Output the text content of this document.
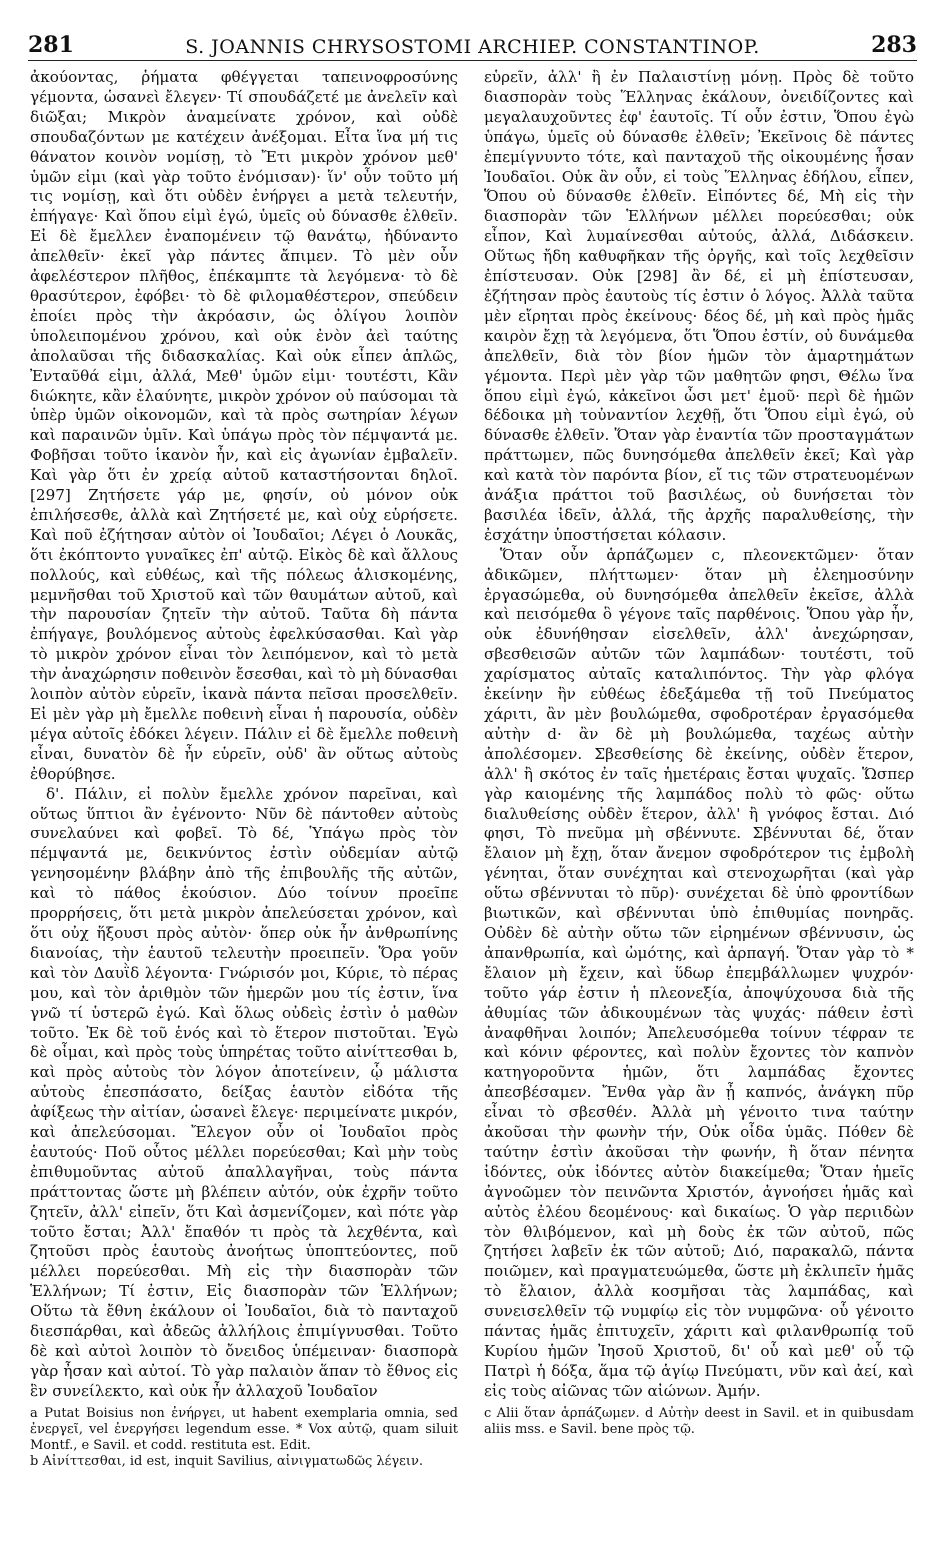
281	S. JOANNIS CHRYSOSTOMI ARCHIEP. CONSTANTINOP.	283

ἀκούοντας, ῥήματα φθέγγεται ταπεινοφροσύνης γέμοντα, ὡσανεὶ ἔλεγεν· Τί σπουδάζετέ με ἀνελεῖν καὶ διῶξαι; Μικρὸν ἀναμείνατε χρόνον, καὶ οὐδὲ σπουδαζόντων με κατέχειν ἀνέξομαι. Εἶτα ἵνα μή τις θάνατον κοινὸν νομίσῃ, τὸ Ἔτι μικρὸν χρόνον μεθ' ὑμῶν εἰμι (καὶ γὰρ τοῦτο ἐνόμισαν)· ἵν' οὖν τοῦτο μή τις νομίσῃ, καὶ ὅτι οὐδὲν ἐνήργει a μετὰ τελευτήν, ἐπήγαγε· Καὶ ὅπου εἰμὶ ἐγώ, ὑμεῖς οὐ δύνασθε ἐλθεῖν. Εἰ δὲ ἔμελλεν ἐναπομένειν τῷ θανάτῳ, ἠδύναντο ἀπελθεῖν· ἐκεῖ γὰρ πάντες ἄπιμεν. Τὸ μὲν οὖν ἀφελέστερον πλῆθος, ἐπέκαμπτε τὰ λεγόμενα· τὸ δὲ θρασύτερον, ἐφόβει· τὸ δὲ φιλομαθέστερον, σπεύδειν ἐποίει πρὸς τὴν ἀκρόασιν, ὡς ὀλίγου λοιπὸν ὑπολειπομένου χρόνου, καὶ οὐκ ἐνὸν ἀεὶ ταύτης ἀπολαῦσαι τῆς διδασκαλίας. Καὶ οὐκ εἶπεν ἁπλῶς, Ἐνταῦθά εἰμι, ἀλλά, Μεθ' ὑμῶν εἰμι· τουτέστι, Κἂν διώκητε, κἂν ἐλαύνητε, μικρὸν χρόνον οὐ παύσομαι τὰ ὑπὲρ ὑμῶν οἰκονομῶν, καὶ τὰ πρὸς σωτηρίαν λέγων καὶ παραινῶν ὑμῖν. Καὶ ὑπάγω πρὸς τὸν πέμψαντά με. Φοβῆσαι τοῦτο ἱκανὸν ἦν, καὶ εἰς ἀγωνίαν ἐμβαλεῖν. Καὶ γὰρ ὅτι ἐν χρείᾳ αὐτοῦ καταστήσονται δηλοῖ. [297] Ζητήσετε γάρ με, φησίν, οὐ μόνον οὐκ ἐπιλήσεσθε, ἀλλὰ καὶ Ζητήσετέ με, καὶ οὐχ εὑρήσετε. Καὶ ποῦ ἐζήτησαν αὐτὸν οἱ Ἰουδαῖοι; Λέγει ὁ Λουκᾶς, ὅτι ἐκόπτοντο γυναῖκες ἐπ' αὐτῷ. Εἰκὸς δὲ καὶ ἄλλους πολλούς, καὶ εὐθέως, καὶ τῆς πόλεως ἁλισκομένης, μεμνῆσθαι τοῦ Χριστοῦ καὶ τῶν θαυμάτων αὐτοῦ, καὶ τὴν παρουσίαν ζητεῖν τὴν αὐτοῦ. Ταῦτα δὴ πάντα ἐπήγαγε, βουλόμενος αὐτοὺς ἐφελκύσασθαι. Καὶ γὰρ τὸ μικρὸν χρόνον εἶναι τὸν λειπόμενον, καὶ τὸ μετὰ τὴν ἀναχώρησιν ποθεινὸν ἔσεσθαι, καὶ τὸ μὴ δύνασθαι λοιπὸν αὐτὸν εὑρεῖν, ἱκανὰ πάντα πεῖσαι προσελθεῖν. Εἰ μὲν γὰρ μὴ ἔμελλε ποθεινὴ εἶναι ἡ παρουσία, οὐδὲν μέγα αὐτοῖς ἐδόκει λέγειν. Πάλιν εἰ δὲ ἔμελλε ποθεινὴ εἶναι, δυνατὸν δὲ ἦν εὑρεῖν, οὐδ' ἂν οὕτως αὐτοὺς ἐθορύβησε.

δ'. Πάλιν, εἰ πολὺν ἔμελλε χρόνον παρεῖναι, καὶ οὕτως ὕπτιοι ἂν ἐγένοντο· Νῦν δὲ πάντοθεν αὐτοὺς συνελαύνει καὶ φοβεῖ. Τὸ δέ, Ὑπάγω πρὸς τὸν πέμψαντά με, δεικνύντος ἐστὶν οὐδεμίαν αὐτῷ γενησομένην βλάβην ἀπὸ τῆς ἐπιβουλῆς τῆς αὐτῶν, καὶ τὸ πάθος ἑκούσιον. Δύο τοίνυν προεῖπε προρρήσεις, ὅτι μετὰ μικρὸν ἀπελεύσεται χρόνον, καὶ ὅτι οὐχ ἥξουσι πρὸς αὐτὸν· ὅπερ οὐκ ἦν ἀνθρωπίνης διανοίας, τὴν ἑαυτοῦ τελευτὴν προειπεῖν. Ὅρα γοῦν καὶ τὸν Δαυῒδ λέγοντα· Γνώρισόν μοι, Κύριε, τὸ πέρας μου, καὶ τὸν ἀριθμὸν τῶν ἡμερῶν μου τίς ἐστιν, ἵνα γνῶ τί ὑστερῶ ἐγώ. Καὶ ὅλως οὐδεὶς ἐστὶν ὁ μαθὼν τοῦτο. Ἐκ δὲ τοῦ ἑνός καὶ τὸ ἕτερον πιστοῦται. Ἐγὼ δὲ οἶμαι, καὶ πρὸς τοὺς ὑπηρέτας τοῦτο αἰνίττεσθαι b, καὶ πρὸς αὐτοὺς τὸν λόγον ἀποτείνειν, ᾧ μάλιστα αὐτοὺς ἐπεσπάσατο, δείξας ἑαυτὸν εἰδότα τῆς ἀφίξεως τὴν αἰτίαν, ὡσανεὶ ἔλεγε· περιμείνατε μικρόν, καὶ ἀπελεύσομαι. Ἔλεγον οὖν οἱ Ἰουδαῖοι πρὸς ἑαυτούς· Ποῦ οὗτος μέλλει πορεύεσθαι; Καὶ μὴν τοὺς ἐπιθυμοῦντας αὐτοῦ ἀπαλλαγῆναι, τοὺς πάντα πράττοντας ὥστε μὴ βλέπειν αὐτόν, οὐκ ἐχρῆν τοῦτο ζητεῖν, ἀλλ' εἰπεῖν, ὅτι Καὶ ἀσμενίζομεν, καὶ πότε γὰρ τοῦτο ἔσται; Ἀλλ' ἔπαθόν τι πρὸς τὰ λεχθέντα, καὶ ζητοῦσι πρὸς ἑαυτοὺς ἀνοήτως ὑποπτεύοντες, ποῦ μέλλει πορεύεσθαι. Μὴ εἰς τὴν διασπορὰν τῶν Ἑλλήνων; Τί ἐστιν, Εἰς διασπορὰν τῶν Ἑλλήνων; Οὕτω τὰ ἔθνη ἐκάλουν οἱ Ἰουδαῖοι, διὰ τὸ πανταχοῦ διεσπάρθαι, καὶ ἀδεῶς ἀλλήλοις ἐπιμίγνυσθαι. Τοῦτο δὲ καὶ αὐτοὶ λοιπὸν τὸ ὄνειδος ὑπέμειναν· διασπορὰ γὰρ ἦσαν καὶ αὐτοί. Τὸ γὰρ παλαιὸν ἅπαν τὸ ἔθνος εἰς ἓν συνείλεκτο, καὶ οὐκ ἦν ἀλλαχοῦ Ἰουδαῖον

a Putat Boisius non ἐνήργει, ut habent exemplaria omnia, sed ἐνεργεῖ, vel ἐνεργήσει legendum esse. * Vox αὐτῷ, quam siluit Montf., e Savil. et codd. restituta est. Edit.

b Αἰνίττεσθαι, id est, inquit Savilius, αἰνιγματωδῶς λέγειν.

εὑρεῖν, ἀλλ' ἢ ἐν Παλαιστίνῃ μόνῃ. Πρὸς δὲ τοῦτο διασπορὰν τοὺς Ἕλληνας ἐκάλουν, ὀνειδίζοντες καὶ μεγαλαυχοῦντες ἐφ' ἑαυτοῖς. Τί οὖν ἐστιν, Ὅπου ἐγὼ ὑπάγω, ὑμεῖς οὐ δύνασθε ἐλθεῖν; Ἐκεῖνοις δὲ πάντες ἐπεμίγνυντο τότε, καὶ πανταχοῦ τῆς οἰκουμένης ἦσαν Ἰουδαῖοι. Οὐκ ἂν οὖν, εἰ τοὺς Ἕλληνας ἐδήλου, εἶπεν, Ὅπου οὐ δύνασθε ἐλθεῖν. Εἰπόντες δέ, Μὴ εἰς τὴν διασπορὰν τῶν Ἑλλήνων μέλλει πορεύεσθαι; οὐκ εἶπον, Καὶ λυμαίνεσθαι αὐτούς, ἀλλά, Διδάσκειν. Οὕτως ἤδη καθυφῆκαν τῆς ὀργῆς, καὶ τοῖς λεχθεῖσιν ἐπίστευσαν. Οὐκ [298] ἂν δέ, εἰ μὴ ἐπίστευσαν, ἐζήτησαν πρὸς ἑαυτοὺς τίς ἐστιν ὁ λόγος. Ἀλλὰ ταῦτα μὲν εἴρηται πρὸς ἐκείνους· δέος δέ, μὴ καὶ πρὸς ἡμᾶς καιρὸν ἔχῃ τὰ λεγόμενα, ὅτι Ὅπου ἐστίν, οὐ δυνάμεθα ἀπελθεῖν, διὰ τὸν βίον ἡμῶν τὸν ἁμαρτημάτων γέμοντα. Περὶ μὲν γὰρ τῶν μαθητῶν φησι, Θέλω ἵνα ὅπου εἰμὶ ἐγώ, κἀκεῖνοι ὦσι μετ' ἐμοῦ· περὶ δὲ ἡμῶν δέδοικα μὴ τοὐναντίον λεχθῇ, ὅτι Ὅπου εἰμὶ ἐγώ, οὐ δύνασθε ἐλθεῖν. Ὅταν γὰρ ἐναντία τῶν προσταγμάτων πράττωμεν, πῶς δυνησόμεθα ἀπελθεῖν ἐκεῖ; Καὶ γὰρ καὶ κατὰ τὸν παρόντα βίον, εἴ τις τῶν στρατευομένων ἀνάξια πράττοι τοῦ βασιλέως, οὐ δυνήσεται τὸν βασιλέα ἰδεῖν, ἀλλά, τῆς ἀρχῆς παραλυθείσης, τὴν ἐσχάτην ὑποστήσεται κόλασιν.

Ὅταν οὖν ἁρπάζωμεν c, πλεονεκτῶμεν· ὅταν ἀδικῶμεν, πλήττωμεν· ὅταν μὴ ἐλεημοσύνην ἐργασώμεθα, οὐ δυνησόμεθα ἀπελθεῖν ἐκεῖσε, ἀλλὰ καὶ πεισόμεθα ὃ γέγονε ταῖς παρθένοις. Ὅπου γὰρ ἦν, οὐκ ἐδυνήθησαν εἰσελθεῖν, ἀλλ' ἀνεχώρησαν, σβεσθεισῶν αὐτῶν τῶν λαμπάδων· τουτέστι, τοῦ χαρίσματος αὐταῖς καταλιπόντος. Τὴν γὰρ φλόγα ἐκείνην ἣν εὐθέως ἐδεξάμεθα τῇ τοῦ Πνεύματος χάριτι, ἂν μὲν βουλώμεθα, σφοδροτέραν ἐργασόμεθα αὐτὴν d· ἂν δὲ μὴ βουλώμεθα, ταχέως αὐτὴν ἀπολέσομεν. Σβεσθείσης δὲ ἐκείνης, οὐδὲν ἕτερον, ἀλλ' ἢ σκότος ἐν ταῖς ἡμετέραις ἔσται ψυχαῖς. Ὥσπερ γὰρ καιομένης τῆς λαμπάδος πολὺ τὸ φῶς· οὕτω διαλυθείσης οὐδὲν ἕτερον, ἀλλ' ἢ γνόφος ἔσται. Διό φησι, Τὸ πνεῦμα μὴ σβέννυτε. Σβέννυται δέ, ὅταν ἔλαιον μὴ ἔχῃ, ὅταν ἄνεμον σφοδρότερον τις ἐμβολὴ γένηται, ὅταν συνέχηται καὶ στενοχωρῆται (καὶ γὰρ οὕτω σβέννυται τὸ πῦρ)· συνέχεται δὲ ὑπὸ φροντίδων βιωτικῶν, καὶ σβέννυται ὑπὸ ἐπιθυμίας πονηρᾶς. Οὐδὲν δὲ αὐτὴν οὕτω τῶν εἰρημένων σβέννυσιν, ὡς ἀπανθρωπία, καὶ ὠμότης, καὶ ἁρπαγή. Ὅταν γὰρ τὸ * ἔλαιον μὴ ἔχειν, καὶ ὕδωρ ἐπεμβάλλωμεν ψυχρόν· τοῦτο γάρ ἐστιν ἡ πλεονεξία, ἀποψύχουσα διὰ τῆς ἀθυμίας τῶν ἀδικουμένων τὰς ψυχάς· πάθειν ἐστὶ ἀναφθῆναι λοιπόν; Ἀπελευσόμεθα τοίνυν τέφραν τε καὶ κόνιν φέροντες, καὶ πολὺν ἔχοντες τὸν καπνὸν κατηγοροῦντα ἡμῶν, ὅτι λαμπάδας ἔχοντες ἀπεσβέσαμεν. Ἔνθα γὰρ ἂν ᾖ καπνός, ἀνάγκη πῦρ εἶναι τὸ σβεσθέν. Ἀλλὰ μὴ γένοιτο τινα ταύτην ἀκοῦσαι τὴν φωνὴν τήν, Οὐκ οἶδα ὑμᾶς. Πόθεν δὲ ταύτην ἐστὶν ἀκοῦσαι τὴν φωνήν, ἢ ὅταν πένητα ἰδόντες, οὐκ ἰδόντες αὐτὸν διακείμεθα; Ὅταν ἡμεῖς ἀγνοῶμεν τὸν πεινῶντα Χριστόν, ἀγνοήσει ἡμᾶς καὶ αὐτὸς ἐλέου δεομένους· καὶ δικαίως. Ὁ γὰρ περιιδὼν τὸν θλιβόμενον, καὶ μὴ δοὺς ἐκ τῶν αὐτοῦ, πῶς ζητήσει λαβεῖν ἐκ τῶν αὐτοῦ; Διό, παρακαλῶ, πάντα ποιῶμεν, καὶ πραγματευώμεθα, ὥστε μὴ ἐκλιπεῖν ἡμᾶς τὸ ἔλαιον, ἀλλὰ κοσμῆσαι τὰς λαμπάδας, καὶ συνεισελθεῖν τῷ νυμφίῳ εἰς τὸν νυμφῶνα· οὗ γένοιτο πάντας ἡμᾶς ἐπιτυχεῖν, χάριτι καὶ φιλανθρωπίᾳ τοῦ Κυρίου ἡμῶν Ἰησοῦ Χριστοῦ, δι' οὗ καὶ μεθ' οὗ τῷ Πατρὶ ἡ δόξα, ἅμα τῷ ἁγίῳ Πνεύματι, νῦν καὶ ἀεί, καὶ εἰς τοὺς αἰῶνας τῶν αἰώνων. Ἀμήν.

c Alii ὅταν ἁρπάζωμεν. d Αὐτὴν deest in Savil. et in quibusdam aliis mss. e Savil. bene πρὸς τῷ.
